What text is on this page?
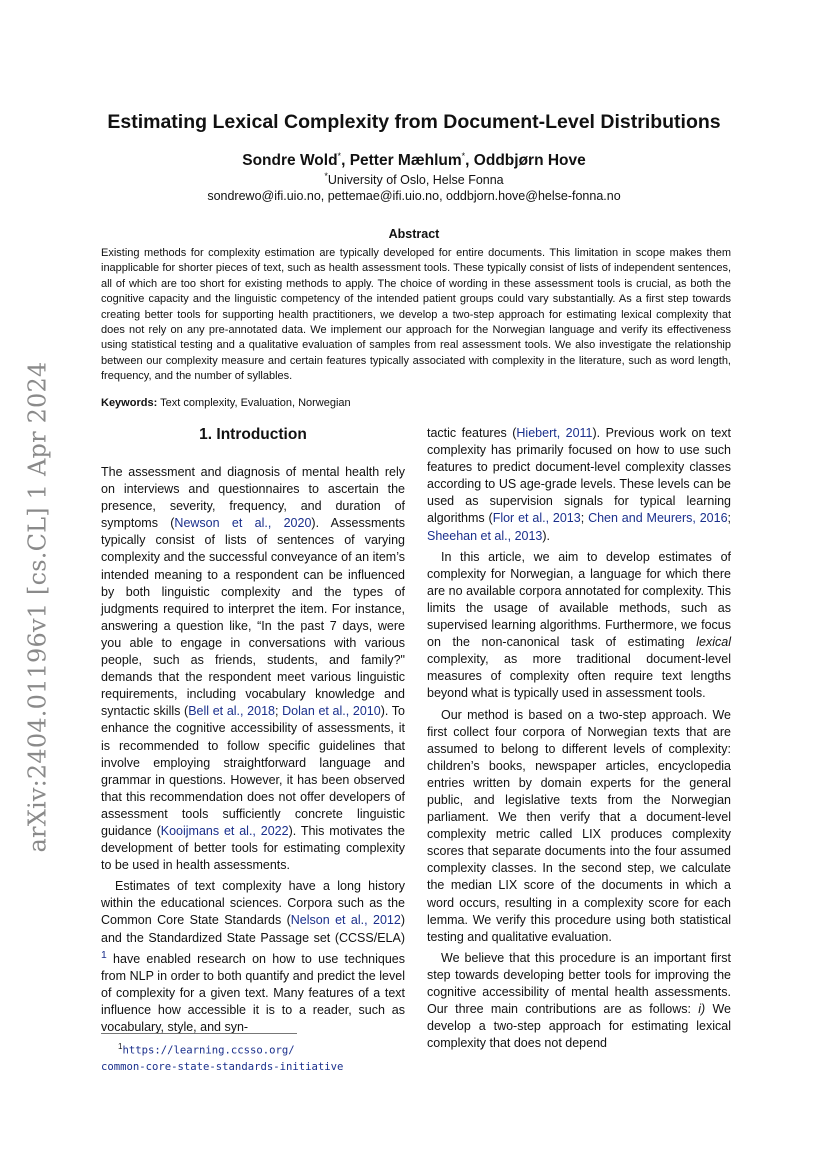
arXiv:2404.01196v1 [cs.CL] 1 Apr 2024
Estimating Lexical Complexity from Document-Level Distributions
Sondre Wold*, Petter Mæhlum*, Oddbjørn Hove
*University of Oslo, Helse Fonna
sondrewo@ifi.uio.no, pettemae@ifi.uio.no, oddbjorn.hove@helse-fonna.no
Abstract

Existing methods for complexity estimation are typically developed for entire documents. This limitation in scope makes them inapplicable for shorter pieces of text, such as health assessment tools. These typically consist of lists of independent sentences, all of which are too short for existing methods to apply. The choice of wording in these assessment tools is crucial, as both the cognitive capacity and the linguistic competency of the intended patient groups could vary substantially. As a first step towards creating better tools for supporting health practitioners, we develop a two-step approach for estimating lexical complexity that does not rely on any pre-annotated data. We implement our approach for the Norwegian language and verify its effectiveness using statistical testing and a qualitative evaluation of samples from real assessment tools. We also investigate the relationship between our complexity measure and certain features typically associated with complexity in the literature, such as word length, frequency, and the number of syllables.

Keywords: Text complexity, Evaluation, Norwegian
1. Introduction

The assessment and diagnosis of mental health rely on interviews and questionnaires to ascertain the presence, severity, frequency, and duration of symptoms (Newson et al., 2020). Assessments typically consist of lists of sentences of varying complexity and the successful conveyance of an item’s intended meaning to a respondent can be influenced by both linguistic complexity and the types of judgments required to interpret the item. For instance, answering a question like, “In the past 7 days, were you able to engage in conversations with various people, such as friends, students, and family?" demands that the respondent meet various linguistic requirements, including vocabulary knowledge and syntactic skills (Bell et al., 2018; Dolan et al., 2010). To enhance the cognitive accessibility of assessments, it is recommended to follow specific guidelines that involve employing straightforward language and grammar in questions. However, it has been observed that this recommendation does not offer developers of assessment tools sufficiently concrete linguistic guidance (Kooijmans et al., 2022). This motivates the development of better tools for estimating complexity to be used in health assessments.

Estimates of text complexity have a long history within the educational sciences. Corpora such as the Common Core State Standards (Nelson et al., 2012) and the Standardized State Passage set (CCSS/ELA) $^1$ have enabled research on how to use techniques from NLP in order to both quantify and predict the level of complexity for a given text. Many features of a text influence how accessible it is to a reader, such as vocabulary, style, and syn-

tactic features (Hiebert, 2011). Previous work on text complexity has primarily focused on how to use such features to predict document-level complexity classes according to US age-grade levels. These levels can be used as supervision signals for typical learning algorithms (Flor et al., 2013; Chen and Meurers, 2016; Sheehan et al., 2013).

In this article, we aim to develop estimates of complexity for Norwegian, a language for which there are no available corpora annotated for complexity. This limits the usage of available methods, such as supervised learning algorithms. Furthermore, we focus on the non-canonical task of estimating lexical complexity, as more traditional document-level measures of complexity often require text lengths beyond what is typically used in assessment tools.

Our method is based on a two-step approach. We first collect four corpora of Norwegian texts that are assumed to belong to different levels of complexity: children’s books, newspaper articles, encyclopedia entries written by domain experts for the general public, and legislative texts from the Norwegian parliament. We then verify that a document-level complexity metric called LIX produces complexity scores that separate documents into the four assumed complexity classes. In the second step, we calculate the median LIX score of the documents in which a word occurs, resulting in a complexity score for each lemma. We verify this procedure using both statistical testing and qualitative evaluation.

We believe that this procedure is an important first step towards developing better tools for improving the cognitive accessibility of mental health assessments. Our three main contributions are as follows: i) We develop a two-step approach for estimating lexical complexity that does not depend

$^1$https://learning.ccsso.org/
common-core-state-standards-initiative
